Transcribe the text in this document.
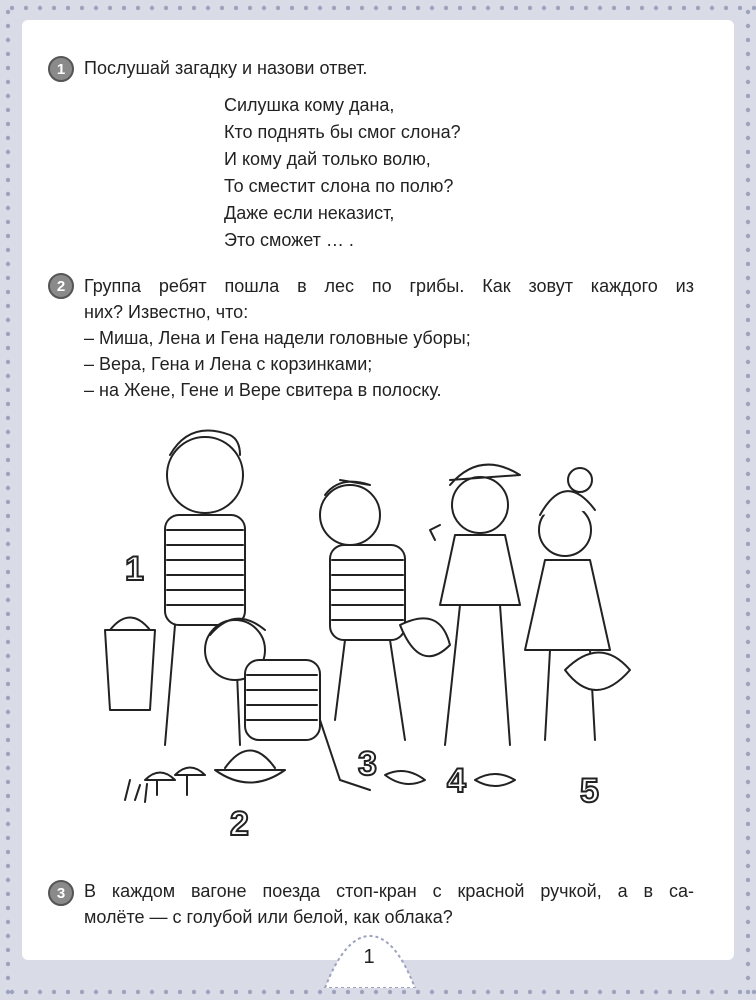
1 Послушай загадку и назови ответ.
Силушка кому дана,
Кто поднять бы смог слона?
И кому дай только волю,
То сместит слона по полю?
Даже если неказист,
Это сможет … .
2 Группа ребят пошла в лес по грибы. Как зовут каждого из
них? Известно, что:
– Миша, Лена и Гена надели головные уборы;
– Вера, Гена и Лена с корзинками;
– на Жене, Гене и Вере свитера в полоску.
1
2
3 4	5
3 В каждом вагоне поезда стоп-кран с красной ручкой, а в са-
молёте — с голубой или белой, как облака?
1
